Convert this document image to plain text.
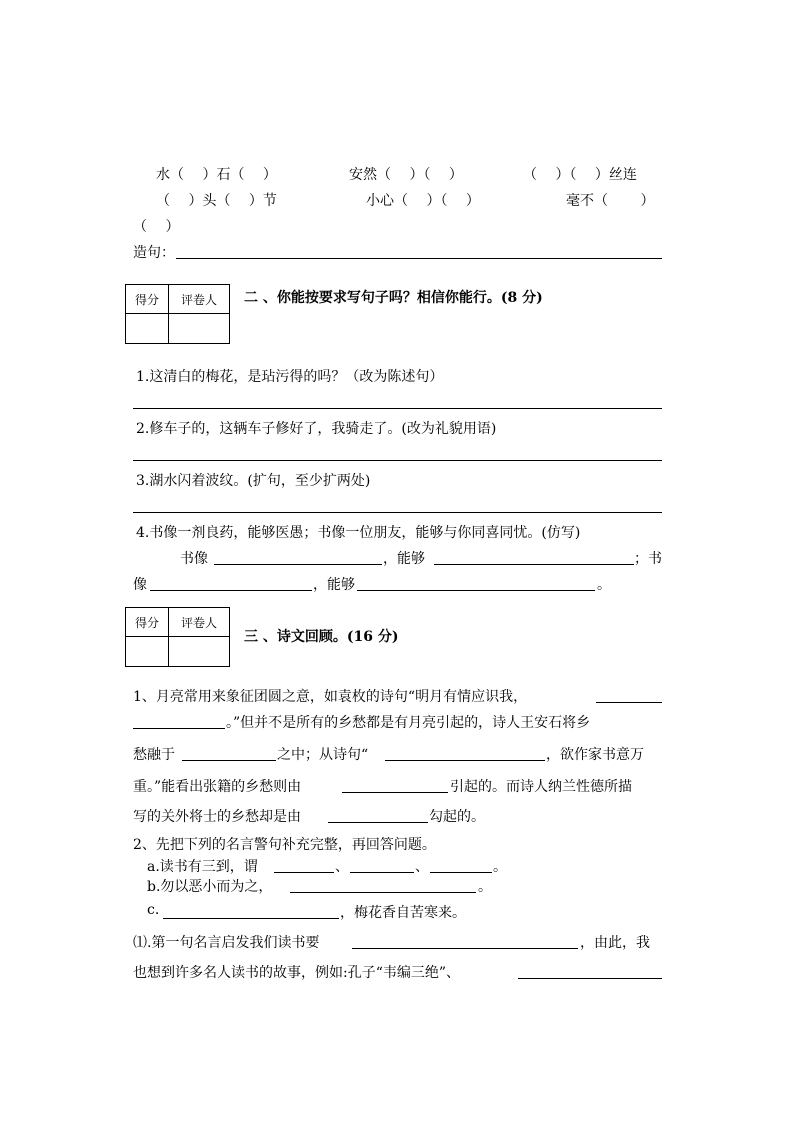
水（　 ）石（　 ）	安然（　 ）（　 ）	（　 ）（　 ）丝连
（　 ）头（　 ）节	小心（　 ）（　 ）	毫不（　　 ）
（　 ）
造句：
得分	评卷人
	二 、你能按要求写句子吗？相信你能行。(8 分)
1.这清白的梅花，是玷污得的吗？（改为陈述句）
2.修车子的，这辆车子修好了，我骑走了。(改为礼貌用语)
3.湖水闪着波纹。(扩句，至少扩两处)
4.书像一剂良药，能够医愚；书像一位朋友，能够与你同喜同忧。(仿写)
书像	，能够	；书
像	，能够	。
得分	评卷人

三 、诗文回顾。(16 分)
1、月亮常用来象征团圆之意，如袁枚的诗句“明月有情应识我，
。”但并不是所有的乡愁都是有月亮引起的，诗人王安石将乡
愁融于	之中；从诗句“	，欲作家书意万
重。”能看出张籍的乡愁则由	引起的。而诗人纳兰性德所描
写的关外将士的乡愁却是由	勾起的。
2、先把下列的名言警句补充完整，再回答问题。
a.读书有三到，谓	、	、	。
b.勿以恶小而为之，	。
c.	，梅花香自苦寒来。
⑴.第一句名言启发我们读书要	，由此，我
也想到许多名人读书的故事，例如:孔子“韦编三绝”、
